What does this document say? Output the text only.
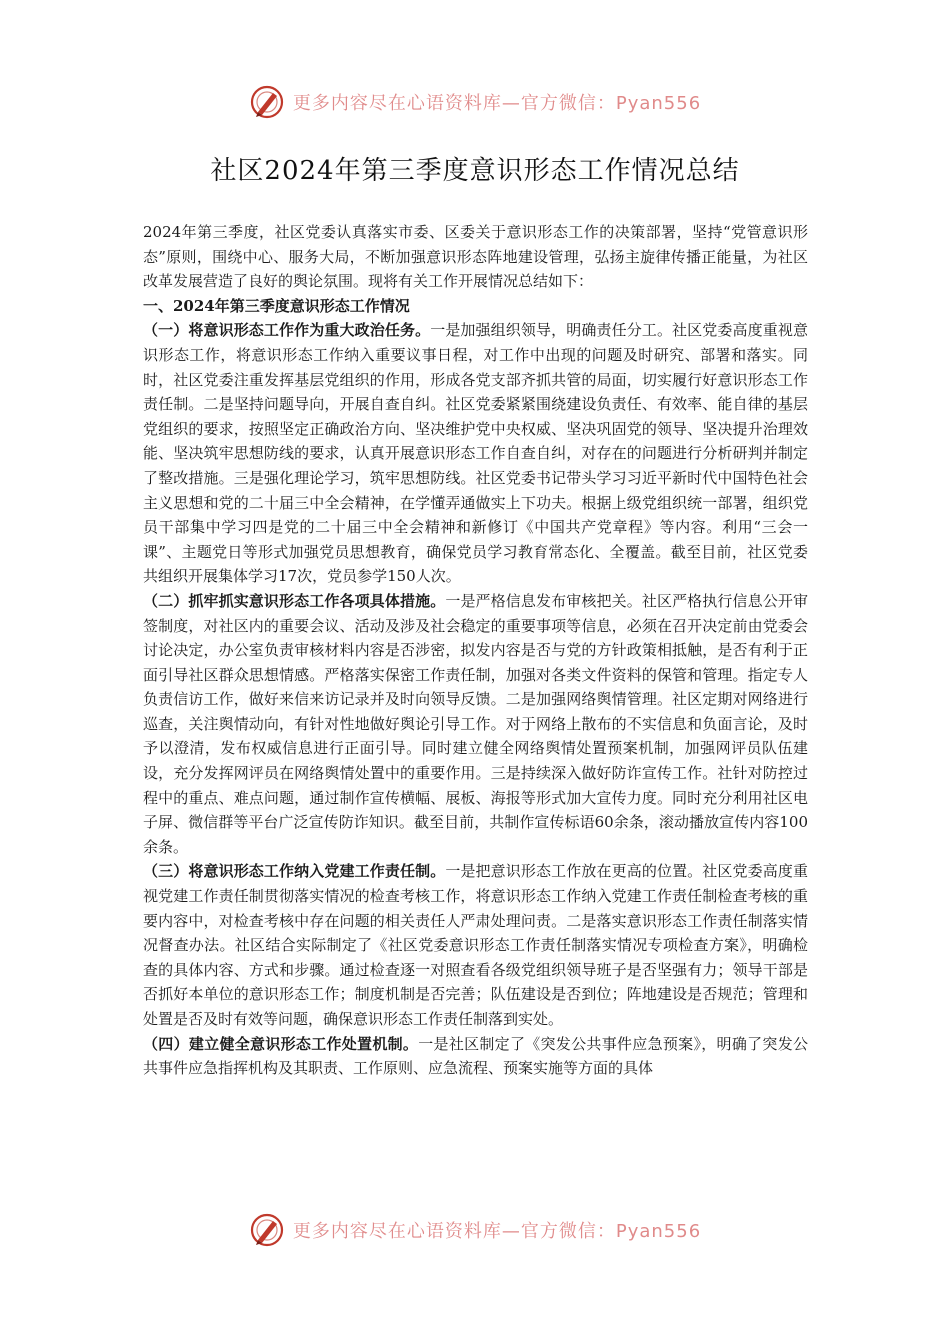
更多内容尽在心语资料库—官方微信：Pyan556
社区2024年第三季度意识形态工作情况总结

2024年第三季度，社区党委认真落实市委、区委关于意识形态工作的决策部署，坚持“党管意识形态”原则，围绕中心、服务大局，不断加强意识形态阵地建设管理，弘扬主旋律传播正能量，为社区改革发展营造了良好的舆论氛围。现将有关工作开展情况总结如下：

一、2024年第三季度意识形态工作情况

（一）将意识形态工作作为重大政治任务。一是加强组织领导，明确责任分工。社区党委高度重视意识形态工作，将意识形态工作纳入重要议事日程，对工作中出现的问题及时研究、部署和落实。同时，社区党委注重发挥基层党组织的作用，形成各党支部齐抓共管的局面，切实履行好意识形态工作责任制。二是坚持问题导向，开展自查自纠。社区党委紧紧围绕建设负责任、有效率、能自律的基层党组织的要求，按照坚定正确政治方向、坚决维护党中央权威、坚决巩固党的领导、坚决提升治理效能、坚决筑牢思想防线的要求，认真开展意识形态工作自查自纠，对存在的问题进行分析研判并制定了整改措施。三是强化理论学习，筑牢思想防线。社区党委书记带头学习习近平新时代中国特色社会主义思想和党的二十届三中全会精神，在学懂弄通做实上下功夫。根据上级党组织统一部署，组织党员干部集中学习四是党的二十届三中全会精神和新修订《中国共产党章程》等内容。利用“三会一课”、主题党日等形式加强党员思想教育，确保党员学习教育常态化、全覆盖。截至目前，社区党委共组织开展集体学习17次，党员参学150人次。

（二）抓牢抓实意识形态工作各项具体措施。一是严格信息发布审核把关。社区严格执行信息公开审签制度，对社区内的重要会议、活动及涉及社会稳定的重要事项等信息，必须在召开决定前由党委会讨论决定，办公室负责审核材料内容是否涉密，拟发内容是否与党的方针政策相抵触，是否有利于正面引导社区群众思想情感。严格落实保密工作责任制，加强对各类文件资料的保管和管理。指定专人负责信访工作，做好来信来访记录并及时向领导反馈。二是加强网络舆情管理。社区定期对网络进行巡查，关注舆情动向，有针对性地做好舆论引导工作。对于网络上散布的不实信息和负面言论，及时予以澄清，发布权威信息进行正面引导。同时建立健全网络舆情处置预案机制，加强网评员队伍建设，充分发挥网评员在网络舆情处置中的重要作用。三是持续深入做好防诈宣传工作。社针对防控过程中的重点、难点问题，通过制作宣传横幅、展板、海报等形式加大宣传力度。同时充分利用社区电子屏、微信群等平台广泛宣传防诈知识。截至目前，共制作宣传标语60余条，滚动播放宣传内容100余条。

（三）将意识形态工作纳入党建工作责任制。一是把意识形态工作放在更高的位置。社区党委高度重视党建工作责任制贯彻落实情况的检查考核工作，将意识形态工作纳入党建工作责任制检查考核的重要内容中，对检查考核中存在问题的相关责任人严肃处理问责。二是落实意识形态工作责任制落实情况督查办法。社区结合实际制定了《社区党委意识形态工作责任制落实情况专项检查方案》，明确检查的具体内容、方式和步骤。通过检查逐一对照查看各级党组织领导班子是否坚强有力；领导干部是否抓好本单位的意识形态工作；制度机制是否完善；队伍建设是否到位；阵地建设是否规范；管理和处置是否及时有效等问题，确保意识形态工作责任制落到实处。

（四）建立健全意识形态工作处置机制。一是社区制定了《突发公共事件应急预案》，明确了突发公共事件应急指挥机构及其职责、工作原则、应急流程、预案实施等方面的具体

更多内容尽在心语资料库—官方微信：Pyan556
